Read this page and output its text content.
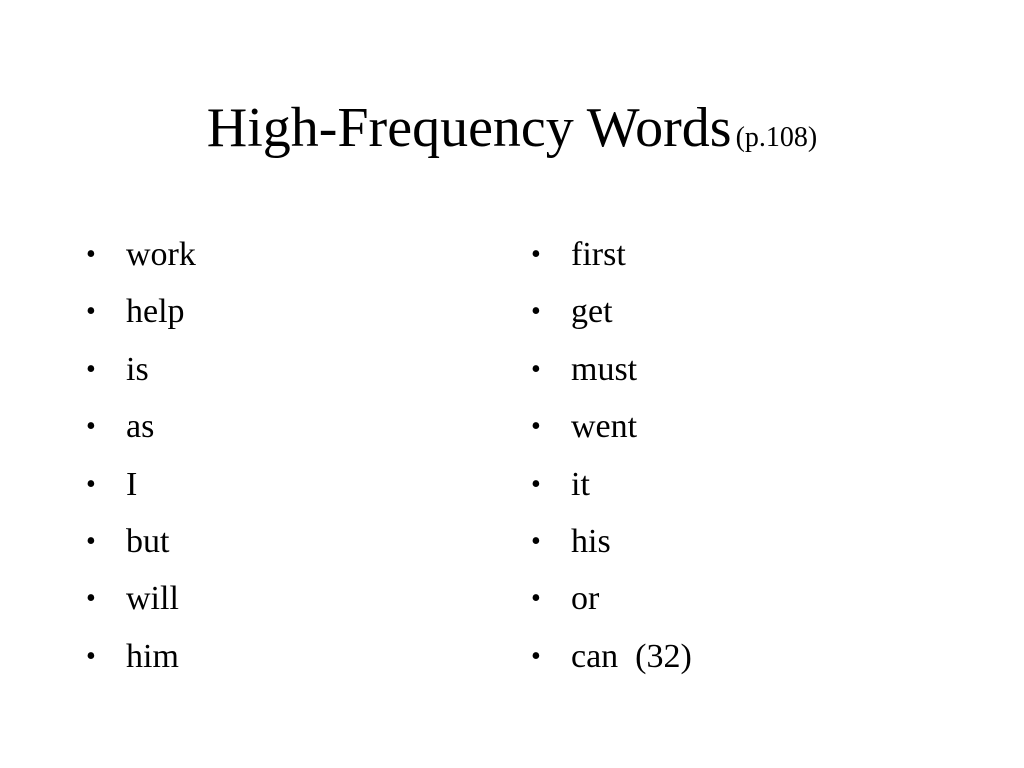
High-Frequency Words (p.108)
• work
• help
• is
• as
• I
• but
• will
• him
• first
• get
• must
• went
• it
• his
• or
• can  (32)
